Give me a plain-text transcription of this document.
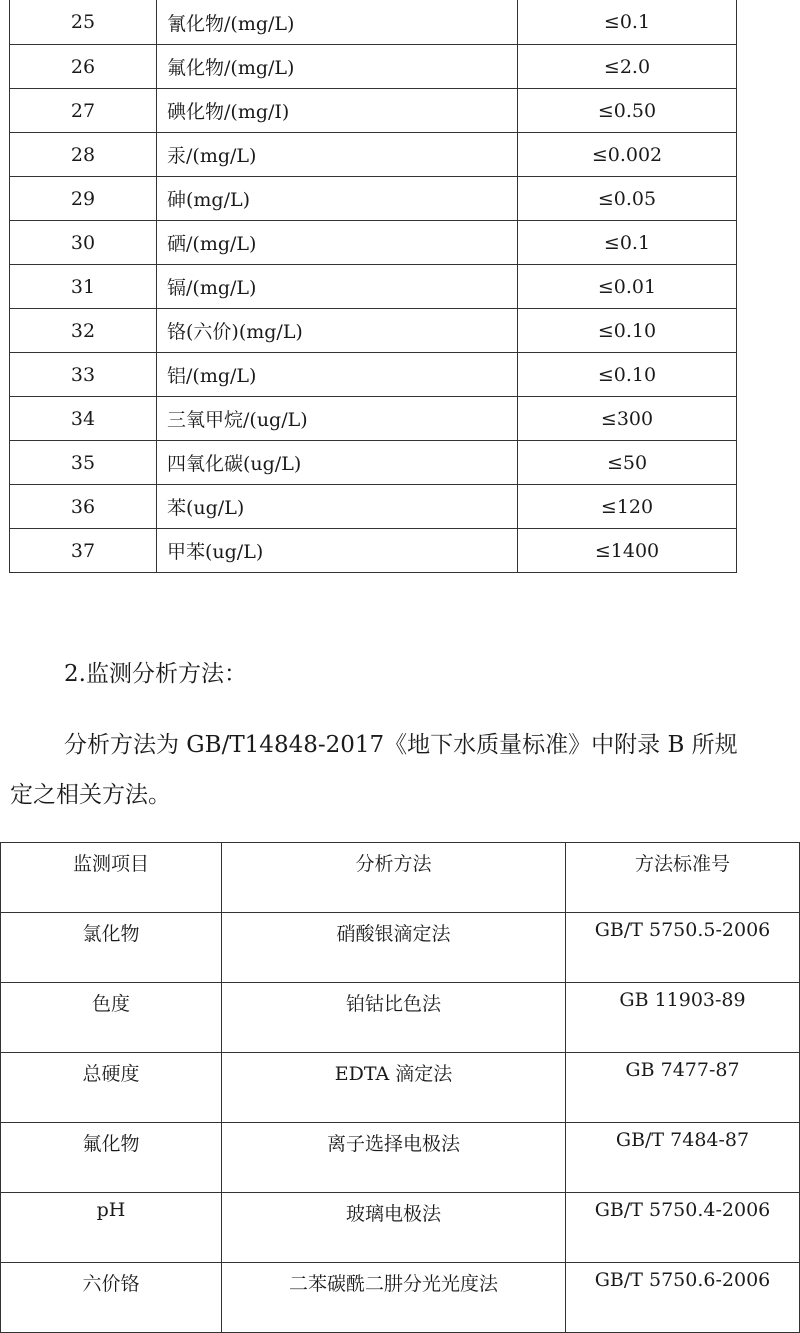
25	氰化物/(mg/L)	≤0.1
26	氟化物/(mg/L)	≤2.0
27	碘化物/(mg/I)	≤0.50
28	汞/(mg/L)	≤0.002
29	砷(mg/L)	≤0.05
30	硒/(mg/L)	≤0.1
31	镉/(mg/L)	≤0.01
32	铬(六价)(mg/L)	≤0.10
33	铝/(mg/L)	≤0.10
34	三氧甲烷/(ug/L)	≤300
35	四氧化碳(ug/L)	≤50
36	苯(ug/L)	≤120
37	甲苯(ug/L)	≤1400
2.监测分析方法：
分析方法为 GB/T14848-2017《地下水质量标准》中附录 B 所规
定之相关方法。
监测项目	分析方法	方法标准号
氯化物	硝酸银滴定法	GB/T 5750.5-2006
色度	铂钴比色法	GB 11903-89
总硬度	EDTA 滴定法	GB 7477-87
氟化物	离子选择电极法	GB/T 7484-87
pH	玻璃电极法	GB/T 5750.4-2006
六价铬	二苯碳酰二肼分光光度法	GB/T 5750.6-2006
